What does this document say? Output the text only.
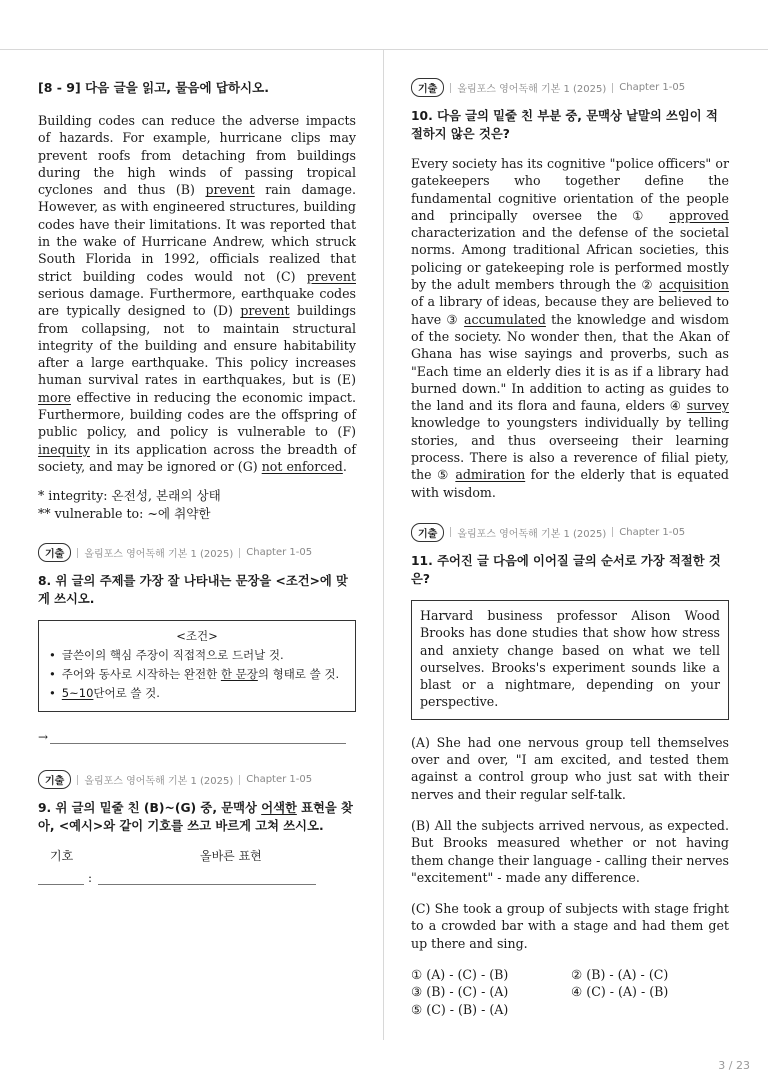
[8 - 9] 다음 글을 읽고, 물음에 답하시오.

Building codes can reduce the adverse impacts of hazards. For example, hurricane clips may prevent roofs from detaching from buildings during the high winds of passing tropical cyclones and thus (B) prevent rain damage. However, as with engineered structures, building codes have their limitations. It was reported that in the wake of Hurricane Andrew, which struck South Florida in 1992, officials realized that strict building codes would not (C) prevent serious damage. Furthermore, earthquake codes are typically designed to (D) prevent buildings from collapsing, not to maintain structural integrity of the building and ensure habitability after a large earthquake. This policy increases human survival rates in earthquakes, but is (E) more effective in reducing the economic impact. Furthermore, building codes are the offspring of public policy, and policy is vulnerable to (F) inequity in its application across the breadth of society, and may be ignored or (G) not enforced.

* integrity: 온전성, 본래의 상태
** vulnerable to: ~에 취약한
기출	올림포스 영어독해 기본 1 (2025) Chapter 1-05

8. 위 글의 주제를 가장 잘 나타내는 문장을 <조건>에 맞게 쓰시오.

<조건>
• 글쓴이의 핵심 주장이 직접적으로 드러날 것.
• 주어와 동사로 시작하는 완전한 한 문장의 형태로 쓸 것.
• 5~10단어로 쓸 것.
→
기출	올림포스 영어독해 기본 1 (2025) Chapter 1-05

9. 위 글의 밑줄 친 (B)~(G) 중, 문맥상 어색한 표현을 찾아, <예시>와 같이 기호를 쓰고 바르게 고쳐 쓰시오.

기호	올바른 표현
:
기출	올림포스 영어독해 기본 1 (2025) Chapter 1-05

10. 다음 글의 밑줄 친 부분 중, 문맥상 낱말의 쓰임이 적절하지 않은 것은?

Every society has its cognitive "police officers" or gatekeepers who together define the fundamental cognitive orientation of the people and principally oversee the ① approved characterization and the defense of the societal norms. Among traditional African societies, this policing or gatekeeping role is performed mostly by the adult members through the ② acquisition of a library of ideas, because they are believed to have ③ accumulated the knowledge and wisdom of the society. No wonder then, that the Akan of Ghana has wise sayings and proverbs, such as "Each time an elderly dies it is as if a library had burned down." In addition to acting as guides to the land and its flora and fauna, elders ④ survey knowledge to youngsters individually by telling stories, and thus overseeing their learning process. There is also a reverence of filial piety, the ⑤ admiration for the elderly that is equated with wisdom.

기출	올림포스 영어독해 기본 1 (2025) Chapter 1-05

11. 주어진 글 다음에 이어질 글의 순서로 가장 적절한 것은?

Harvard business professor Alison Wood Brooks has done studies that show how stress and anxiety change based on what we tell ourselves. Brooks's experiment sounds like a blast or a nightmare, depending on your perspective.

(A) She had one nervous group tell themselves over and over, "I am excited, and tested them against a control group who just sat with their nerves and their regular self-talk.

(B) All the subjects arrived nervous, as expected. But Brooks measured whether or not having them change their language - calling their nerves "excitement" - made any difference.

(C) She took a group of subjects with stage fright to a crowded bar with a stage and had them get up there and sing.

① (A) - (C) - (B)	② (B) - (A) - (C)
③ (B) - (C) - (A)	④ (C) - (A) - (B)
⑤ (C) - (B) - (A)
3 / 23
